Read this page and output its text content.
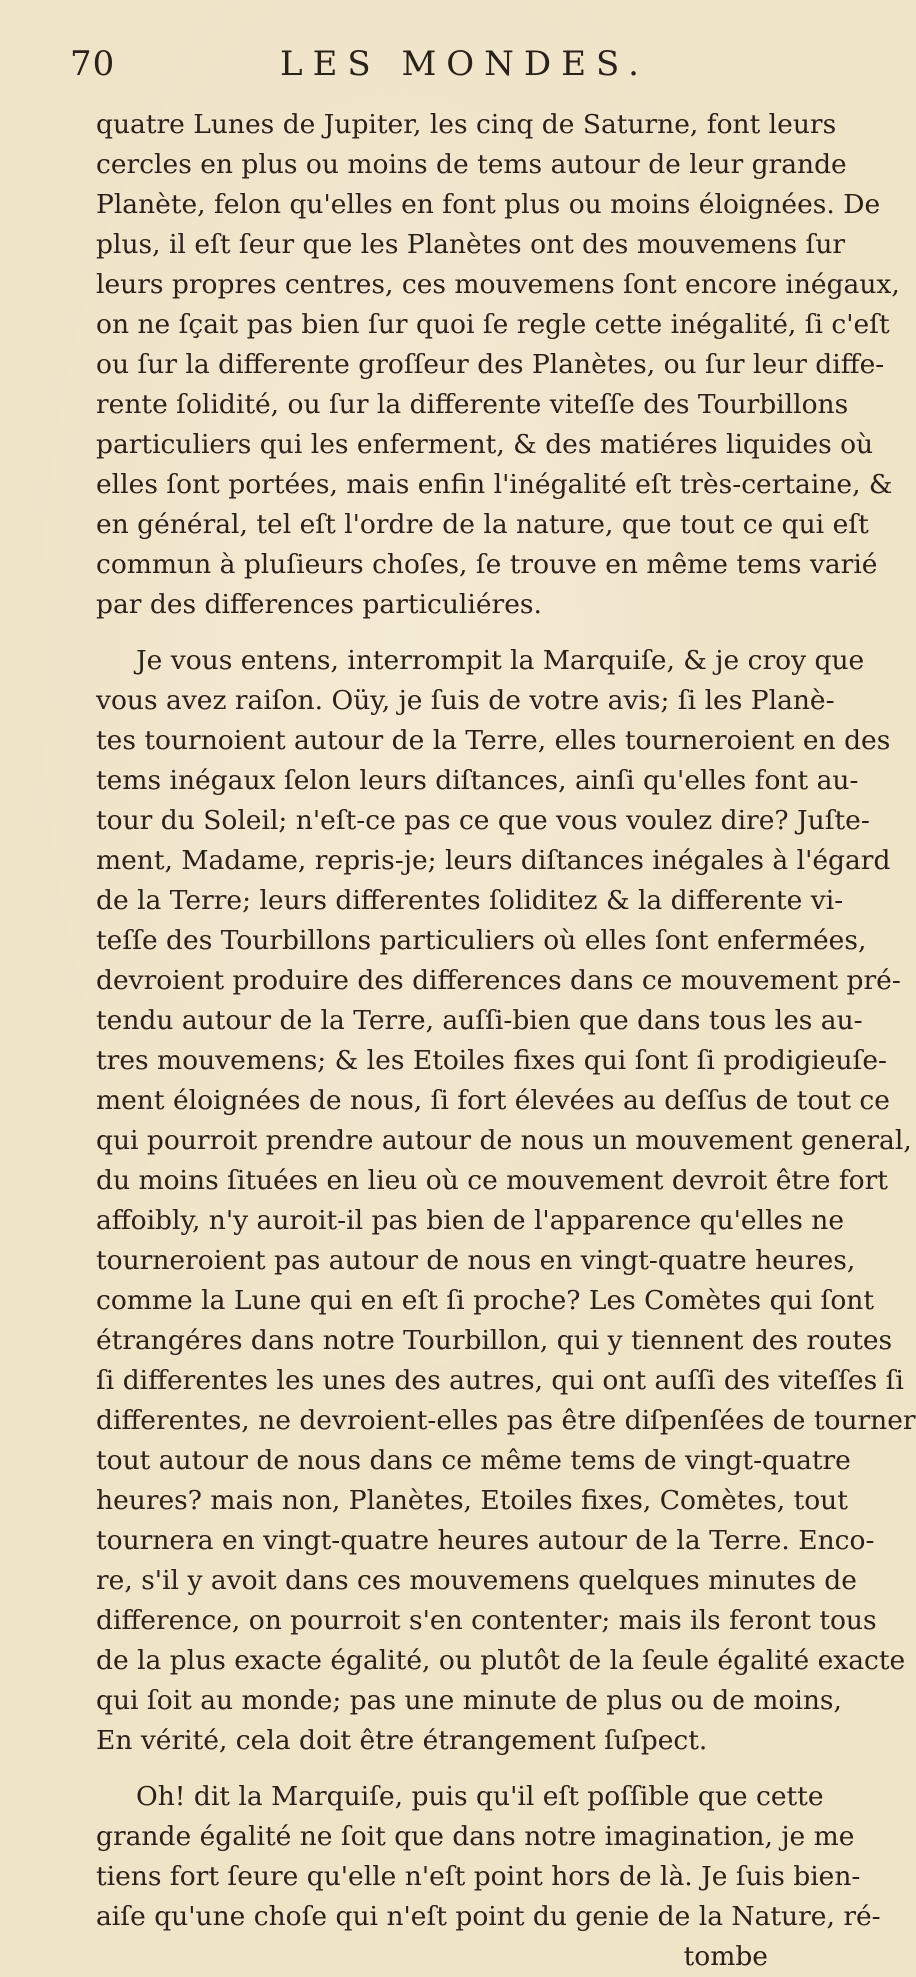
70	LES MONDES.
quatre Lunes de Jupiter, les cinq de Saturne, font leurs
cercles en plus ou moins de tems autour de leur grande
Planète, felon qu'elles en font plus ou moins éloignées. De
plus, il eſt ſeur que les Planètes ont des mouvemens ſur
leurs propres centres, ces mouvemens ſont encore inégaux,
on ne ſçait pas bien ſur quoi ſe regle cette inégalité, ſi c'eſt
ou ſur la differente groſſeur des Planètes, ou ſur leur diffe-
rente ſolidité, ou ſur la differente viteſſe des Tourbillons
particuliers qui les enferment, & des matiéres liquides où
elles ſont portées, mais enfin l'inégalité eſt très-certaine, &
en général, tel eſt l'ordre de la nature, que tout ce qui eſt
commun à pluſieurs choſes, ſe trouve en même tems varié
par des differences particuliéres.
Je vous entens, interrompit la Marquiſe, & je croy que
vous avez raiſon. Oüy, je ſuis de votre avis; ſi les Planè-
tes tournoient autour de la Terre, elles tourneroient en des
tems inégaux ſelon leurs diſtances, ainſi qu'elles font au-
tour du Soleil; n'eſt-ce pas ce que vous voulez dire? Juſte-
ment, Madame, repris-je; leurs diſtances inégales à l'égard
de la Terre; leurs differentes ſoliditez & la differente vi-
teſſe des Tourbillons particuliers où elles ſont enfermées,
devroient produire des differences dans ce mouvement pré-
tendu autour de la Terre, auſſi-bien que dans tous les au-
tres mouvemens; & les Etoiles fixes qui ſont ſi prodigieuſe-
ment éloignées de nous, ſi fort élevées au deſſus de tout ce
qui pourroit prendre autour de nous un mouvement general,
du moins ſituées en lieu où ce mouvement devroit être fort
affoibly, n'y auroit-il pas bien de l'apparence qu'elles ne
tourneroient pas autour de nous en vingt-quatre heures,
comme la Lune qui en eſt ſi proche? Les Comètes qui ſont
étrangéres dans notre Tourbillon, qui y tiennent des routes
ſi differentes les unes des autres, qui ont auſſi des viteſſes ſi
differentes, ne devroient-elles pas être diſpenſées de tourner
tout autour de nous dans ce même tems de vingt-quatre
heures? mais non, Planètes, Etoiles fixes, Comètes, tout
tournera en vingt-quatre heures autour de la Terre. Enco-
re, s'il y avoit dans ces mouvemens quelques minutes de
difference, on pourroit s'en contenter; mais ils feront tous
de la plus exacte égalité, ou plutôt de la ſeule égalité exacte
qui ſoit au monde; pas une minute de plus ou de moins,
En vérité, cela doit être étrangement ſuſpect.
Oh! dit la Marquiſe, puis qu'il eſt poſſible que cette
grande égalité ne ſoit que dans notre imagination, je me
tiens fort ſeure qu'elle n'eſt point hors de là. Je ſuis bien-
aiſe qu'une choſe qui n'eſt point du genie de la Nature, ré-
tombe
